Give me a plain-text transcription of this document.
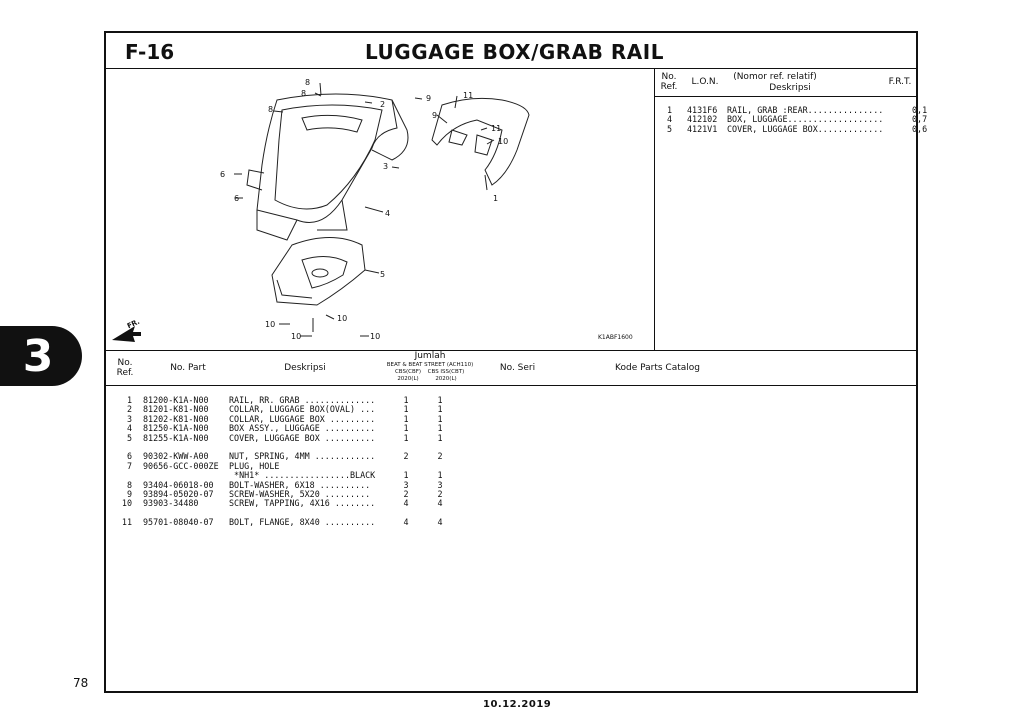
3
78
10.12.2019
F-16	LUGGAGE BOX/GRAB RAIL
No.
Ref.	L.O.N.	(Nomor ref. relatif)
Deskripsi
F.R.T.
1 4131F6	RAIL, GRAB :REAR...............	0,1
4 412102	BOX, LUGGAGE...................	0,7
5 4121V1	COVER, LUGGAGE BOX.............	0,6
No.
Ref.	No. Part	Deskripsi
Jumlah
BEAT & BEAT STREET (ACH110)
CBS(CBF)
2020(L)
CBS ISS(CBT)
2020(L)
No. Seri	Kode Parts Catalog
1 81200-K1A-N00	RAIL, RR. GRAB ..............	1	1
2 81201-K81-N00	COLLAR, LUGGAGE BOX(OVAL) ...	1	1
3 81202-K81-N00	COLLAR, LUGGAGE BOX .........	1	1
4 81250-K1A-N00	BOX ASSY., LUGGAGE ..........	1	1
5 81255-K1A-N00	COVER, LUGGAGE BOX ..........	1	1
6 90302-KWW-A00	NUT, SPRING, 4MM ............	2	2
7 90656-GCC-000ZE	PLUG, HOLE
*NH1* .................BLACK	1	1
8 93404-06018-00	BOLT-WASHER, 6X18 ..........	3	3
9 93894-05020-07	SCREW-WASHER, 5X20 .........	2	2
10 93903-34480	SCREW, TAPPING, 4X16 ........	4	4
11 95701-08040-07	BOLT, FLANGE, 8X40 ..........	4	4
8
8
8
2
9	11
9
11
10
6
3
1
6
4
5
10
10
10	10
FR.
K1ABF1600
